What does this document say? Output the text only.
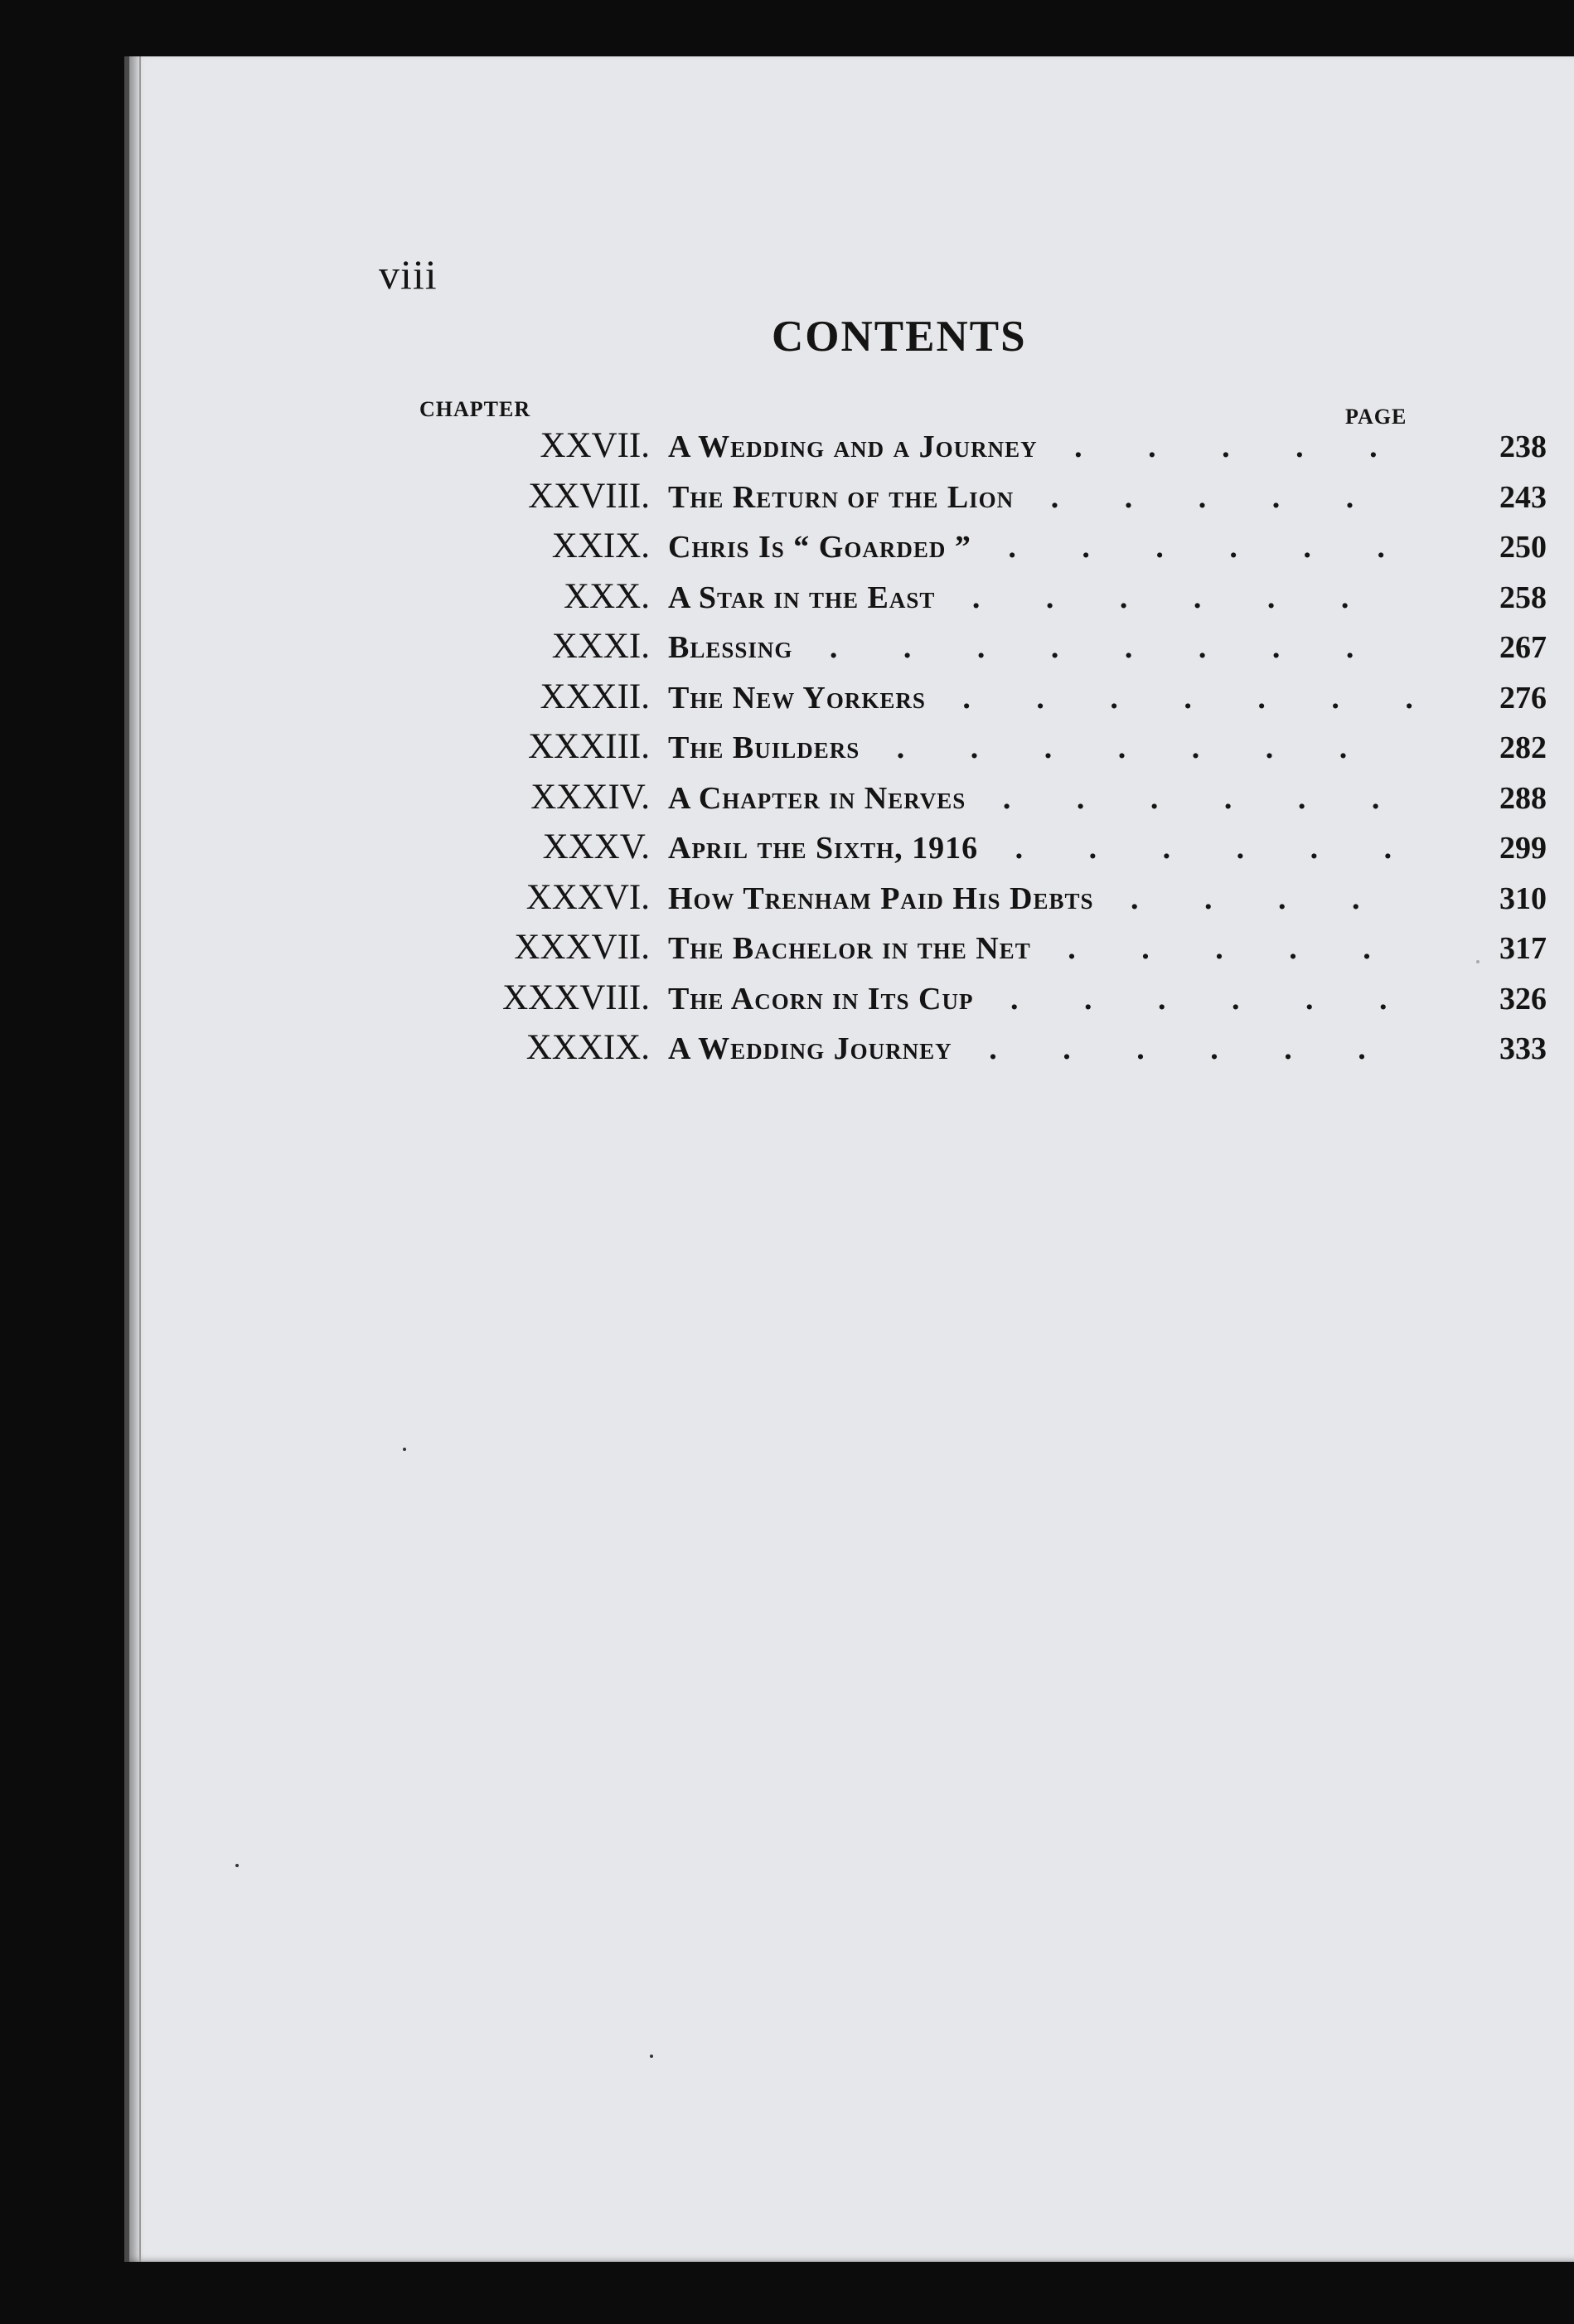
viii
CONTENTS
CHAPTER	PAGE
XXVII. A Wedding and a Journey . . .	238
XXVIII. The Return of the Lion . . .	243
XXIX. Chris Is “ Goarded ” . . .	250
XXX. A Star in the East . . .	258
XXXI. Blessing . . .	267
XXXII. The New Yorkers . . .	276
XXXIII. The Builders . . .	282
XXXIV. A Chapter in Nerves . . .	288
XXXV. April the Sixth, 1916 . . .	299
XXXVI. How Trenham Paid His Debts . . .	310
XXXVII. The Bachelor in the Net . . .	317
XXXVIII. The Acorn in Its Cup . . .	326
XXXIX. A Wedding Journey . . .	333
